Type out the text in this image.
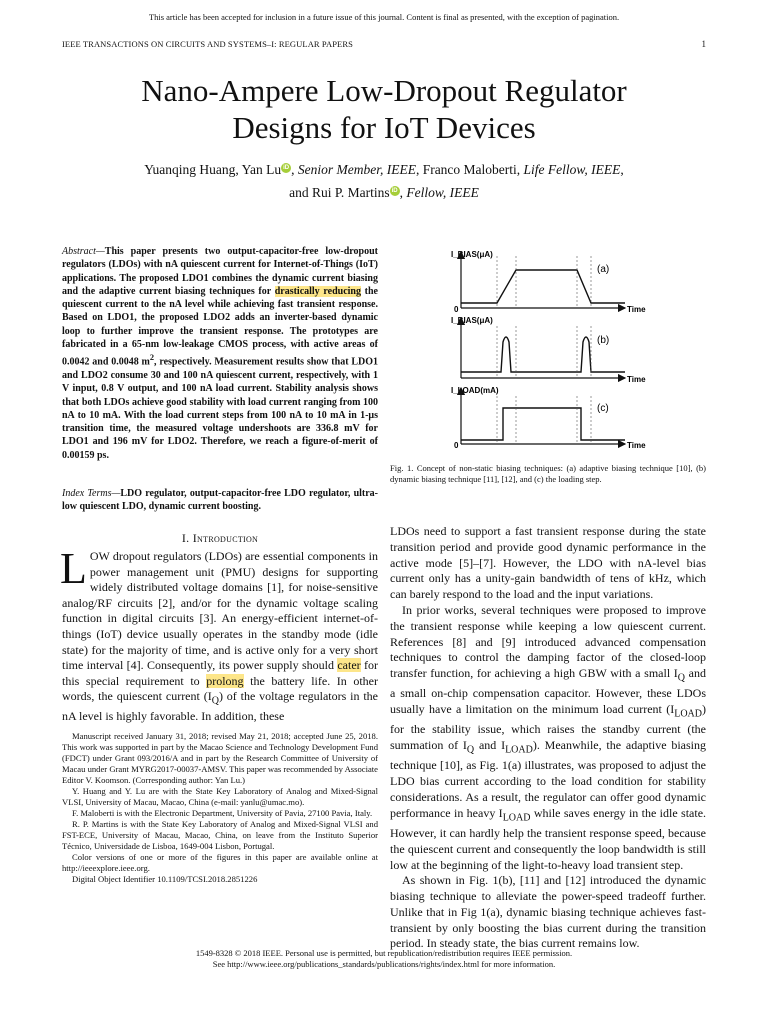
This article has been accepted for inclusion in a future issue of this journal. Content is final as presented, with the exception of pagination.
IEEE TRANSACTIONS ON CIRCUITS AND SYSTEMS–I: REGULAR PAPERS	1
Nano-Ampere Low-Dropout Regulator
Designs for IoT Devices
Yuanqing Huang, Yan Lu iD , Senior Member, IEEE, Franco Maloberti, Life Fellow, IEEE,
and Rui P. Martins iD , Fellow, IEEE
Abstract—This paper presents two output-capacitor-free low-dropout regulators (LDOs) with nA quiescent current for Internet-of-Things (IoT) applications. The proposed LDO1 combines the dynamic current biasing and the adaptive current biasing techniques for drastically reducing the quiescent current to the nA level while achieving fast transient response. Based on LDO1, the proposed LDO2 adds an inverter-based dynamic loop to further improve the transient response. The prototypes are fabricated in a 65-nm low-leakage CMOS process, with active areas of 0.0042 and 0.0048 $m^2$, respectively. Measurement results show that LDO1 and LDO2 consume 30 and 100 nA quiescent current, respectively, with 1 V input, 0.8 V output, and 100 nA load current. Stability analysis shows that both LDOs achieve good stability with load current ranging from 100 nA to 10 mA. With the load current steps from 100 nA to 10 mA in 1-μs transition time, the measured voltage undershoots are 336.8 mV for LDO1 and 196 mV for LDO2. Therefore, we reach a figure-of-merit of 0.00159 ps.
Index Terms—LDO regulator, output-capacitor-free LDO regulator, ultra-low quiescent LDO, dynamic current boosting.
I. Introduction
LOW dropout regulators (LDOs) are essential components in power management unit (PMU) designs for supporting widely distributed voltage domains [1], for noise-sensitive analog/RF circuits [2], and/or for the dynamic voltage scaling function in digital circuits [3]. An energy-efficient internet-of-things (IoT) device usually operates in the standby mode (idle state) for the majority of time, and is active only for a very short time interval [4]. Consequently, its power supply should cater for this special requirement to prolong the battery life. In other words, the quiescent current $(I_Q)$ of the voltage regulators in the nA level is highly favorable. In addition, these

Manuscript received January 31, 2018; revised May 21, 2018; accepted June 25, 2018. This work was supported in part by the Macao Science and Technology Development Fund (FDCT) under Grant 093/2016/A and in part by the Research Committee of University of Macau under Grant MYRG2017-00037-AMSV. This paper was recommended by Associate Editor V. Koomson. (Corresponding author: Yan Lu.)

Y. Huang and Y. Lu are with the State Key Laboratory of Analog and Mixed-Signal VLSI, University of Macau, Macao, China (e-mail: yanlu@umac.mo).

F. Maloberti is with the Electronic Department, University of Pavia, 27100 Pavia, Italy.

R. P. Martins is with the State Key Laboratory of Analog and Mixed-Signal VLSI and FST-ECE, University of Macau, Macao, China, on leave from the Instituto Superior Técnico, Universidade de Lisboa, 1649-004 Lisbon, Portugal.

Color versions of one or more of the figures in this paper are available online at http://ieeexplore.ieee.org.

Digital Object Identifier 10.1109/TCSI.2018.2851226

I_BIAS(μA)
Time
0
(a)
I_BIAS(μA)
Time
(b)
I_LOAD(mA)
Time
0
(c)
Fig. 1. Concept of non-static biasing techniques: (a) adaptive biasing technique [10], (b) dynamic biasing technique [11], [12], and (c) the loading step.

LDOs need to support a fast transient response during the state transition period and provide good dynamic performance in the active mode [5]–[7]. However, the LDO with nA-level bias current only has a unity-gain bandwidth of tens of kHz, which can barely respond to the load and the input variations.

In prior works, several techniques were proposed to improve the transient response while keeping a low quiescent current. References [8] and [9] introduced advanced compensation techniques to control the damping factor of the closed-loop transfer function, for achieving a high GBW with a small $I_Q$ and a small on-chip compensation capacitor. However, these LDOs usually have a limitation on the minimum load current $(I_{LOAD})$ for the stability issue, which raises the standby current (the summation of $I_Q$ and $I_{LOAD}$). Meanwhile, the adaptive biasing technique [10], as Fig. 1(a) illustrates, was proposed to adjust the LDO bias current according to the load condition for stability considerations. As a result, the regulator can offer good dynamic performance in heavy $I_{LOAD}$ while saves energy in the idle state. However, it can hardly help the transient response speed, because the quiescent current and consequently the loop bandwidth is still low at the beginning of the light-to-heavy load transient step.

As shown in Fig. 1(b), [11] and [12] introduced the dynamic biasing technique to alleviate the power-speed tradeoff further. Unlike that in Fig 1(a), dynamic biasing technique achieves fast-transient by only boosting the bias current during the transition period. In steady state, the bias current remains low.

1549-8328 © 2018 IEEE. Personal use is permitted, but republication/redistribution requires IEEE permission.
See http://www.ieee.org/publications_standards/publications/rights/index.html for more information.
